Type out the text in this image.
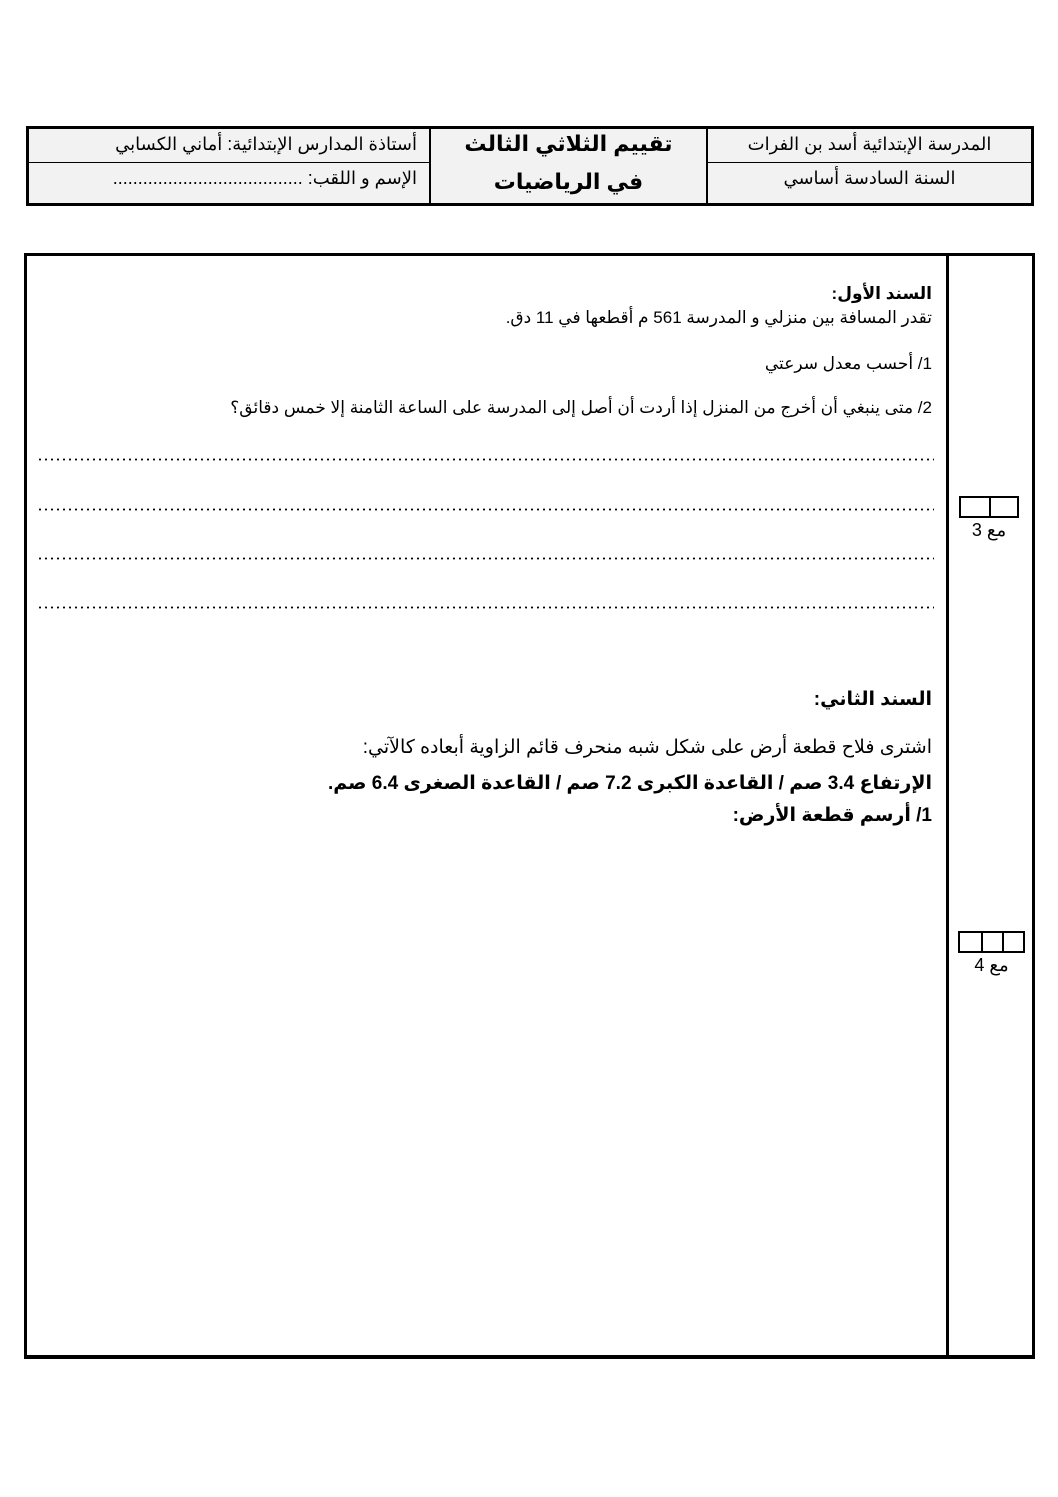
أستاذة المدارس الإبتدائية: أماني الكسابي
الإسم و اللقب: ......................................
تقييم الثلاثي الثالث
في الرياضيات
المدرسة الإبتدائية أسد بن الفرات
السنة السادسة أساسي
السند الأول:
تقدر المسافة بين منزلي و المدرسة 561 م أقطعها في 11 دق.
1/ أحسب معدل سرعتي
2/ متى ينبغي أن أخرج من المنزل إذا أردت أن أصل إلى المدرسة على الساعة الثامنة إلا خمس دقائق؟
السند الثاني:
اشترى فلاح قطعة أرض على شكل شبه منحرف قائم الزاوية أبعاده كالآتي:
الإرتفاع 3.4 صم / القاعدة الكبرى 7.2 صم / القاعدة الصغرى 6.4 صم.
1/ أرسم قطعة الأرض:
مع 3
مع 4
